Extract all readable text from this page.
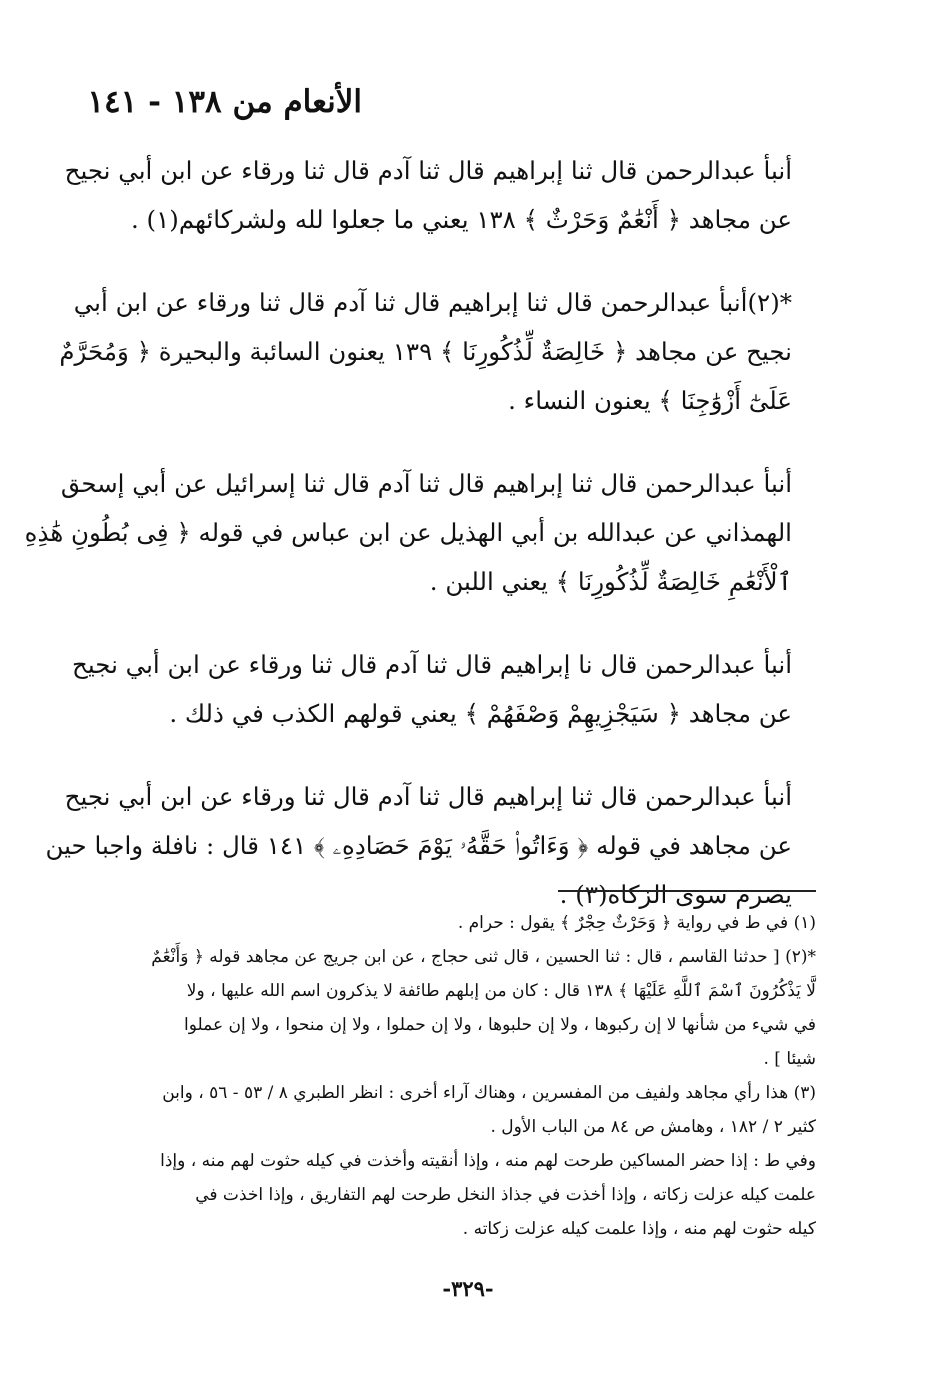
الأنعام من ١٣٨ - ١٤١

أنبأ عبدالرحمن قال ثنا إبراهيم قال ثنا آدم قال ثنا ورقاء عن ابن أبي نجيح
عن مجاهد ﴿ أَنْعَٰمٌ وَحَرْثٌ ﴾ ١٣٨ يعني ما جعلوا لله ولشركائهم(١) .

*(٢)أنبأ عبدالرحمن قال ثنا إبراهيم قال ثنا آدم قال ثنا ورقاء عن ابن أبي
نجيح عن مجاهد ﴿ خَالِصَةٌ لِّذُكُورِنَا ﴾ ١٣٩ يعنون السائبة والبحيرة ﴿ وَمُحَرَّمٌ
عَلَىٰٓ أَزْوَٰجِنَا ﴾ يعنون النساء .

أنبأ عبدالرحمن قال ثنا إبراهيم قال ثنا آدم قال ثنا إسرائيل عن أبي إسحق
الهمذاني عن عبدالله بن أبي الهذيل عن ابن عباس في قوله ﴿ فِى بُطُونِ هَٰذِهِ
ٱلْأَنْعَٰمِ خَالِصَةٌ لِّذُكُورِنَا ﴾ يعني اللبن .

أنبأ عبدالرحمن قال نا إبراهيم قال ثنا آدم قال ثنا ورقاء عن ابن أبي نجيح
عن مجاهد ﴿ سَيَجْزِيهِمْ وَصْفَهُمْ ﴾ يعني قولهم الكذب في ذلك .

أنبأ عبدالرحمن قال ثنا إبراهيم قال ثنا آدم قال ثنا ورقاء عن ابن أبي نجيح
عن مجاهد في قوله ﴿ وَءَاتُوا۟ حَقَّهُۥ يَوْمَ حَصَادِهِۦ ﴾ ١٤١ قال : نافلة واجبا حين
يصرم سوى الزكاة(٣) .

(١) في ط في رواية ﴿ وَحَرْثٌ حِجْرٌ ﴾ يقول : حرام .

*(٢) [ حدثنا القاسم ، قال : ثنا الحسين ، قال ثنى حجاج ، عن ابن جريج عن مجاهد قوله ﴿ وَأَنْعَٰمٌ
لَّا يَذْكُرُونَ ٱسْمَ ٱللَّهِ عَلَيْهَا ﴾ ١٣٨ قال : كان من إبلهم طائفة لا يذكرون اسم الله عليها ، ولا
في شيء من شأنها لا إن ركبوها ، ولا إن حلبوها ، ولا إن حملوا ، ولا إن منحوا ، ولا إن عملوا
شيئا ] .

(٣) هذا رأي مجاهد ولفيف من المفسرين ، وهناك آراء أخرى : انظر الطبري ٨ / ٥٣ - ٥٦ ، وابن
كثير ٢ / ١٨٢ ، وهامش ص ٨٤ من الباب الأول .

وفي ط : إذا حضر المساكين طرحت لهم منه ، وإذا أنقيته وأخذت في كيله حثوت لهم منه ، وإذا
علمت كيله عزلت زكاته ، وإذا أخذت في جذاذ النخل طرحت لهم التفاريق ، وإذا اخذت في
كيله حثوت لهم منه ، وإذا علمت كيله عزلت زكاته .

-٣٢٩-
